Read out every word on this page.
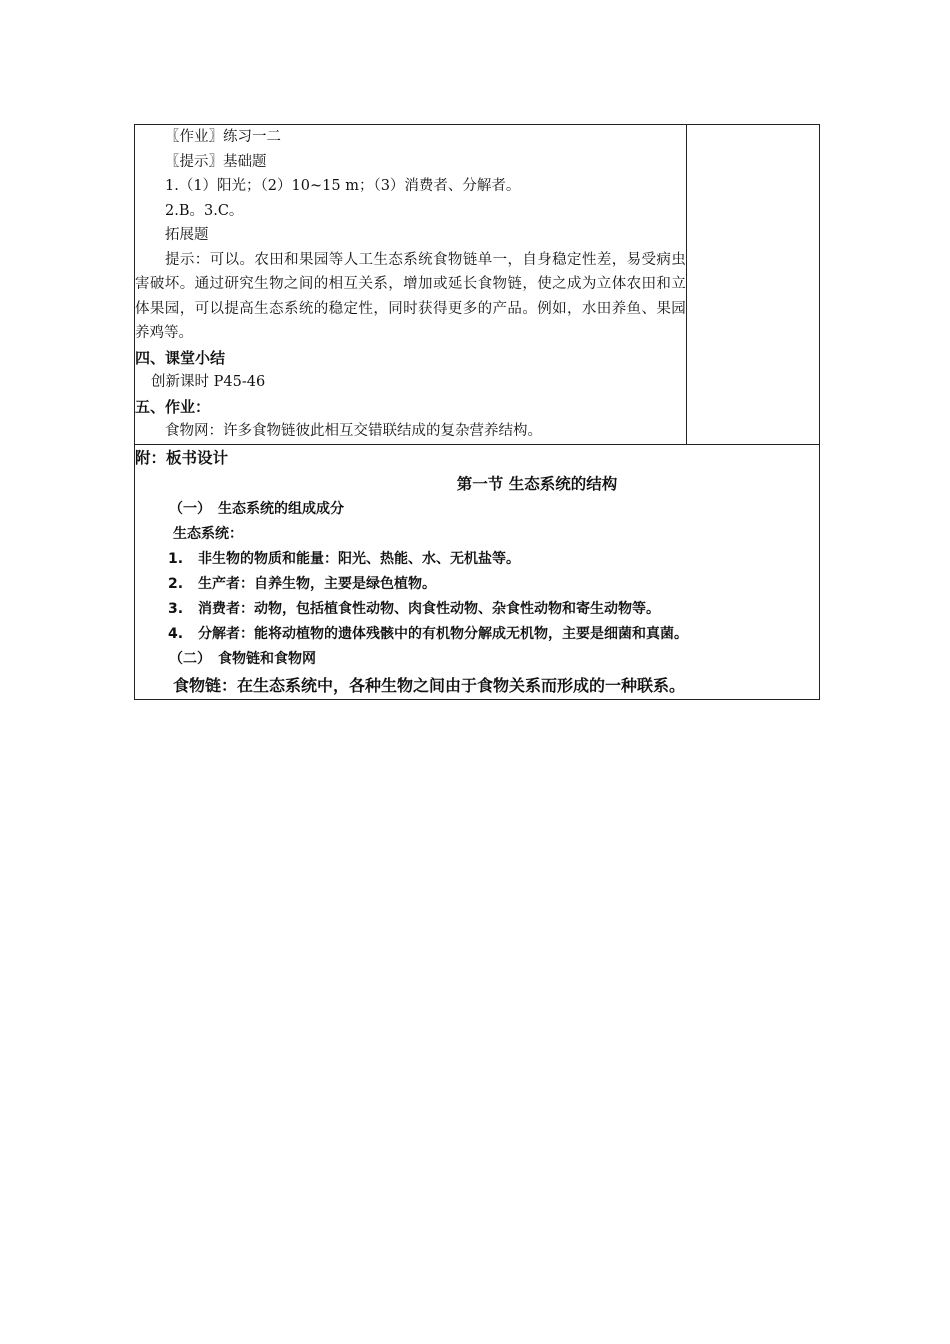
〖作业〗练习一二
〖提示〗基础题
1.（1）阳光；（2）10~15 m；（3）消费者、分解者。
2.B。3.C。
拓展题
提示：可以。农田和果园等人工生态系统食物链单一，自身稳定性差，易受病虫害破坏。通过研究生物之间的相互关系，增加或延长食物链，使之成为立体农田和立体果园，可以提高生态系统的稳定性，同时获得更多的产品。例如，水田养鱼、果园养鸡等。
四、课堂小结
创新课时 P45-46
五、作业：
食物网：许多食物链彼此相互交错联结成的复杂营养结构。

附：板书设计
第一节 生态系统的结构
（一）　生态系统的组成成分
生态系统：
1. 非生物的物质和能量：阳光、热能、水、无机盐等。
2. 生产者：自养生物，主要是绿色植物。
3. 消费者：动物，包括植食性动物、肉食性动物、杂食性动物和寄生动物等。
4. 分解者：能将动植物的遗体残骸中的有机物分解成无机物，主要是细菌和真菌。
（二）　食物链和食物网
食物链：在生态系统中，各种生物之间由于食物关系而形成的一种联系。
